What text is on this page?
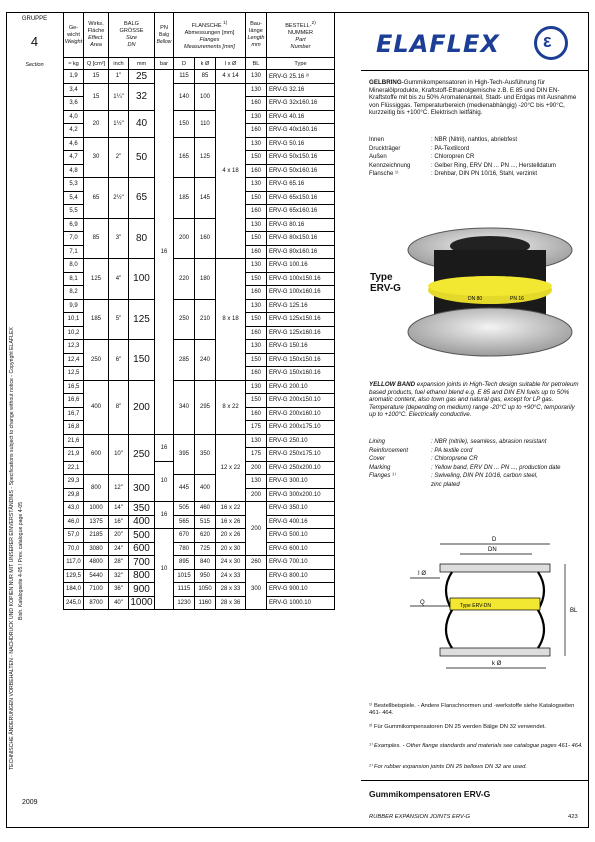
GRUPPE
4
Section
TECHNISCHE ÄNDERUNGEN VORBEHALTEN - NACHDRUCK UND KOPIEN NUR MIT UNSERER EINVERSTÄNDNIS - Specifications subject to change without notice - Copyright ELAFLEX Bish. Katalogseite 4-05 / Prev. catalogue page 4-05
Ge-
wicht
Weight	Wirks.
Fläche
Effect.
Area	BALG
GRÖSSE
Size
DN		PN
Balg
Bellow	FLANSCHE $^{1)}$
Abmessungen [mm]
Flanges
Measurements [mm]			Bau-
länge
Length
mm	BESTELL-$^{2)}$
NUMMER
Part
Number
≈ kg	Q [cm²]	inch	mm	bar	D	k Ø	I x Ø	BL	Type
1,9	15	1"	25	16	115	85	4 x 14	130	ERV-G 25.16 ²⁾
3,4	15	1¼"	32		140	100	4 x 18	130	ERV-G 32.16
3,6								160	ERV-G 32x160.16
4,0	20	1½"	40		150	110		130	ERV-G 40.16
4,2								160	ERV-G 40x160.16
4,6	30	2"	50		165	125		130	ERV-G 50.16
4,7								150	ERV-G 50x150.16
4,8								160	ERV-G 50x160.16
5,3	65	2½"	65		185	145		130	ERV-G 65.16
5,4								150	ERV-G 65x150.16
5,5								160	ERV-G 65x160.16
6,9	85	3"	80		200	160		130	ERV-G 80.16
7,0								150	ERV-G 80x150.16
7,1								160	ERV-G 80x160.16
8,0	125	4"	100		220	180	8 x 18	130	ERV-G 100.16
8,1								150	ERV-G 100x150.16
8,2								160	ERV-G 100x160.16
9,9	185	5"	125		250	210		130	ERV-G 125.16
10,1								150	ERV-G 125x150.16
10,2								160	ERV-G 125x160.16
12,3	250	6"	150		285	240		130	ERV-G 150.16
12,4								150	ERV-G 150x150.16
12,5								160	ERV-G 150x160.16
16,5	400	8"	200		340	295	8 x 22	130	ERV-G 200.10
16,6								150	ERV-G 200x150.10
16,7								160	ERV-G 200x160.10
16,8								175	ERV-G 200x175.10
21,6	600	10"	250	16	395	350	12 x 22	130	ERV-G 250.10
21,9								175	ERV-G 250x175.10
22,1				10				200	ERV-G 250x200.10
29,3	800	12"	300		445	400		130	ERV-G 300.10
29,8								200	ERV-G 300x200.10
43,0	1000	14"	350	16	505	460	16 x 22	200	ERV-G 350.10
46,0	1375	16"	400		565	515	16 x 26		ERV-G 400.16
57,0	2185	20"	500	10	670	620	20 x 26		ERV-G 500.10
70,0	3080	24"	600		780	725	20 x 30		ERV-G 600.10
117,0	4800	28"	700		895	840	24 x 30	260	ERV-G 700.10
129,5	5440	32"	800		1015	950	24 x 33	300	ERV-G 800.10
184,0	7100	36"	900		1115	1050	28 x 33		ERV-G 900.10
245,0	8700	40"	1000		1230	1160	28 x 36		ERV-G 1000.10
ELAFLEX ε
GELBRING-Gummikompensatoren in High-Tech-Ausführung für Mineralölprodukte, Kraftstoff-Ethanolgemische z.B. E 85 und DIN EN-Kraftstoffe mit bis zu 50% Aromatenanteil, Stadt- und Erdgas mit Ausnahme von Flüssiggas. Temperaturbereich (medienabhängig) -20°C bis +90°C, kurzzeitig bis +100°C. Elektrisch leitfähig.
Innen	: NBR (Nitril), nahtlos, abriebfest
Druckträger	: PA-Textilcord
Außen	: Chloropren CR
Kennzeichnung	: Gelber Ring, ERV DN ... PN ..., Herstelldatum
Flansche ¹⁾	: Drehbar, DIN PN 10/16, Stahl, verzinkt
DN 80	PN 16
Type
ERV-G
YELLOW BAND expansion joints in High-Tech design suitable for petroleum based products, fuel ethanol blend e.g. E 85 and DIN EN fuels up to 50% aromatic content, also town gas and natural gas, except for LP gas. Temperature (depending on medium) range -20°C up to +90°C, temporarily up to +100°C. Electrically conductive.
Lining	: NBR (nitrile), seamless, abrasion resistant
Reinforcement	: PA textile cord
Cover	: Chloroprene CR
Marking	: Yellow band, ERV DN ... PN ..., production date
Flanges ¹⁾	: Swiveling, DIN PN 10/16, carbon steel,
zinc plated
D
DN
Type ERV-DN
BL
I Ø
Q
k Ø
¹⁾ Bestellbeispiele. - Andere Flanschnormen und -werkstoffe siehe Katalogseiten 461- 464.
²⁾ Für Gummikompensatoren DN 25 werden Bälge DN 32 verwendet.
¹⁾ Examples. - Other flange standards and materials see catalogue pages 461- 464.
²⁾ For rubber expansion joints DN 25 bellows DN 32 are used.
2009
Gummikompensatoren ERV-G
RUBBER EXPANSION JOINTS ERV-G	423
